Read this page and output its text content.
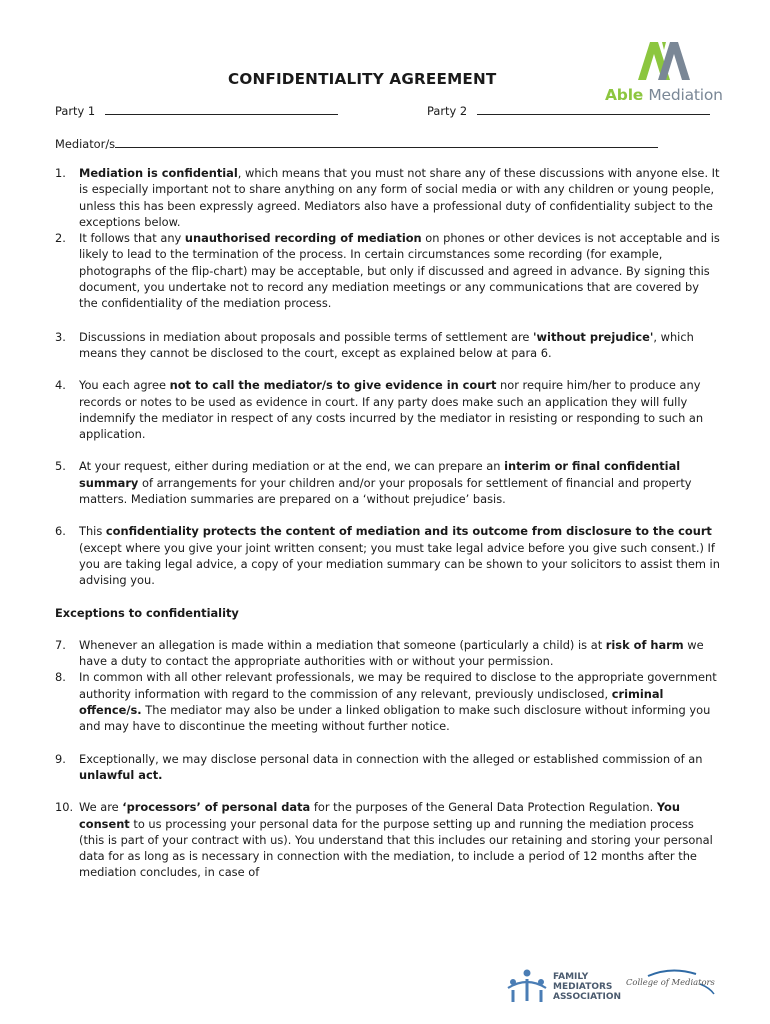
Able Mediation
CONFIDENTIALITY AGREEMENT
Party 1	Party 2
Mediator/s
1. Mediation is confidential, which means that you must not share any of these discussions with anyone else. It is especially important not to share anything on any form of social media or with any children or young people, unless this has been expressly agreed. Mediators also have a professional duty of confidentiality subject to the exceptions below.
2. It follows that any unauthorised recording of mediation on phones or other devices is not acceptable and is likely to lead to the termination of the process. In certain circumstances some recording (for example, photographs of the flip-chart) may be acceptable, but only if discussed and agreed in advance. By signing this document, you undertake not to record any mediation meetings or any communications that are covered by the confidentiality of the mediation process.
3. Discussions in mediation about proposals and possible terms of settlement are 'without prejudice', which means they cannot be disclosed to the court, except as explained below at para 6.
4. You each agree not to call the mediator/s to give evidence in court nor require him/her to produce any records or notes to be used as evidence in court. If any party does make such an application they will fully indemnify the mediator in respect of any costs incurred by the mediator in resisting or responding to such an application.
5. At your request, either during mediation or at the end, we can prepare an interim or final confidential summary of arrangements for your children and/or your proposals for settlement of financial and property matters. Mediation summaries are prepared on a ‘without prejudice’ basis.
6. This confidentiality protects the content of mediation and its outcome from disclosure to the court (except where you give your joint written consent; you must take legal advice before you give such consent.) If you are taking legal advice, a copy of your mediation summary can be shown to your solicitors to assist them in advising you.
Exceptions to confidentiality
7. Whenever an allegation is made within a mediation that someone (particularly a child) is at risk of harm we have a duty to contact the appropriate authorities with or without your permission.
8. In common with all other relevant professionals, we may be required to disclose to the appropriate government authority information with regard to the commission of any relevant, previously undisclosed, criminal offence/s. The mediator may also be under a linked obligation to make such disclosure without informing you and may have to discontinue the meeting without further notice.
9. Exceptionally, we may disclose personal data in connection with the alleged or established commission of an unlawful act.
10. We are ‘processors’ of personal data for the purposes of the General Data Protection Regulation. You consent to us processing your personal data for the purpose setting up and running the mediation process (this is part of your contract with us). You understand that this includes our retaining and storing your personal data for as long as is necessary in connection with the mediation, to include a period of 12 months after the mediation concludes, in case of
FAMILY
MEDIATORS
ASSOCIATION
College of Mediators
